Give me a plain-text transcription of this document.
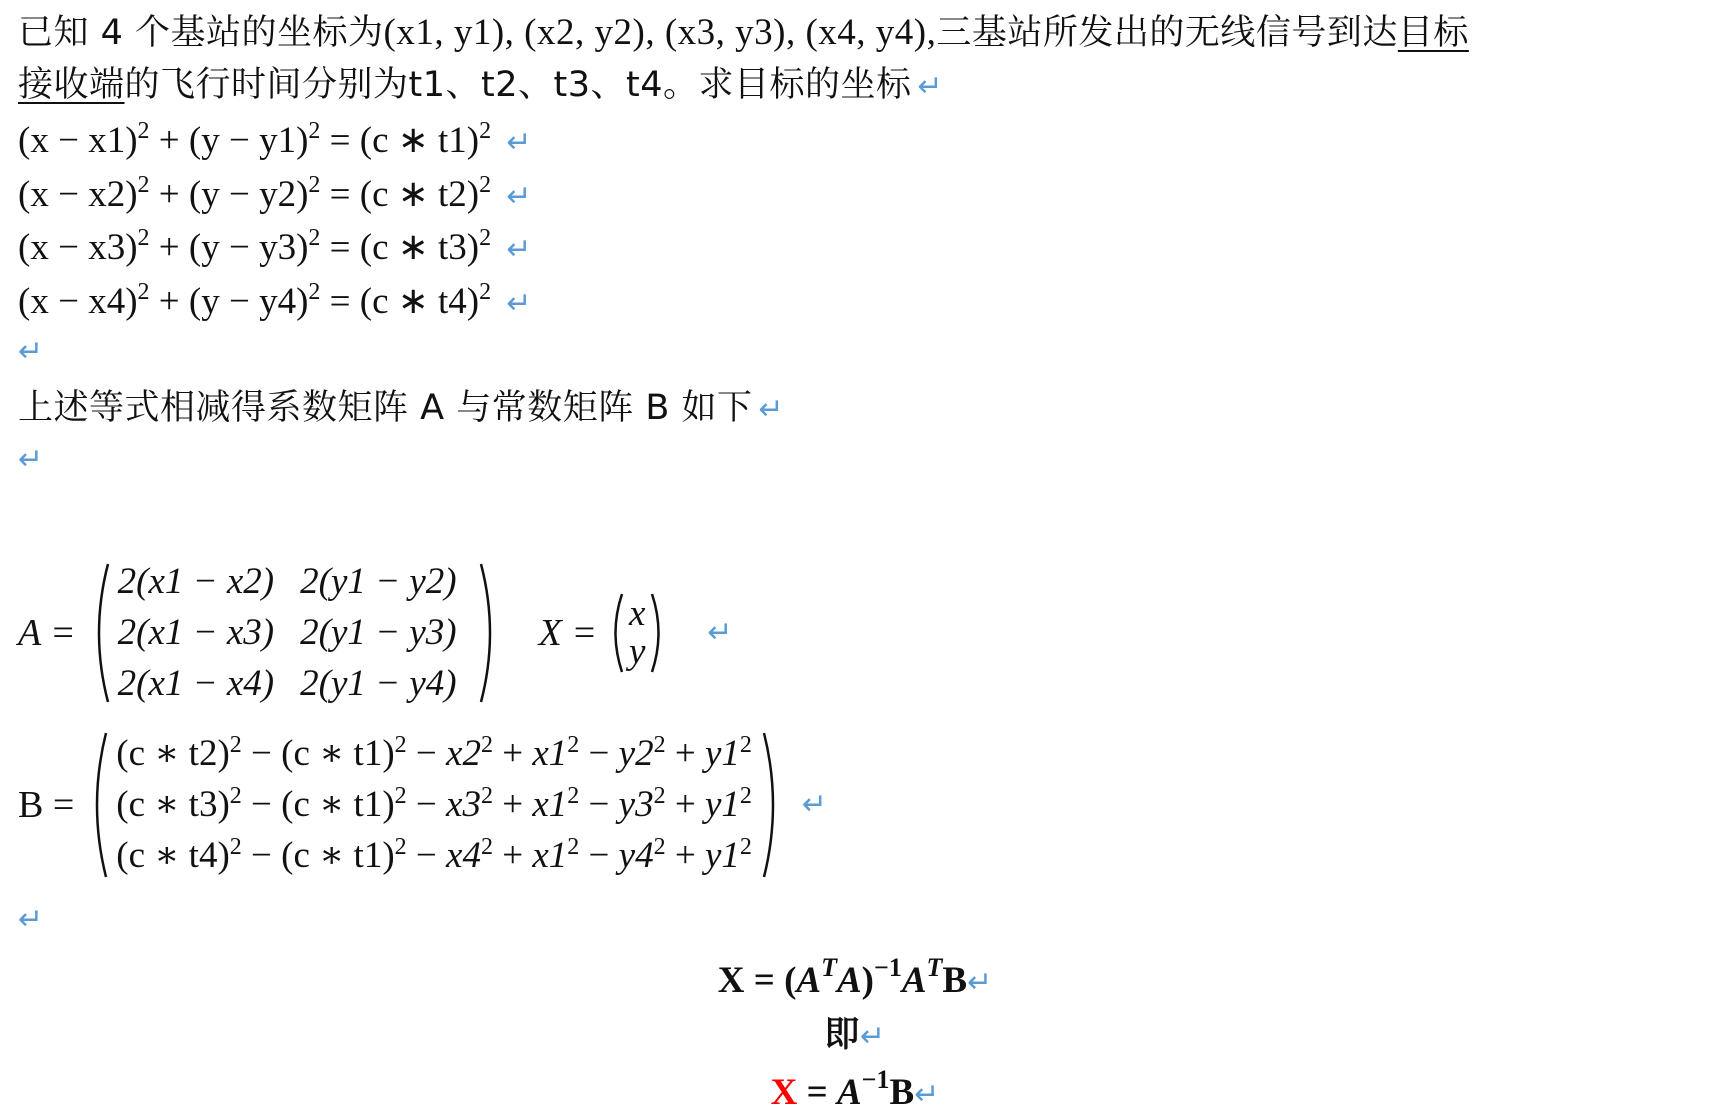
已知 4 个基站的坐标为(x1, y1), (x2, y2), (x3, y3), (x4, y4),三基站所发出的无线信号到达目标
接收端的飞行时间分别为t1、t2、t3、t4。求目标的坐标 ↵
$(x - x1)^2 + (y - y1)^2 = (c$ ∗ t1)$^2$ ↵
$(x - x2)^2 + (y - y2)^2 = (c$ ∗ t2)$^2$ ↵
$(x - x3)^2 + (y - y3)^2 = (c$ ∗ t3)$^2$ ↵
$(x - x4)^2 + (y - y4)^2 = (c$ ∗ t4)$^2$ ↵
↵
上述等式相减得系数矩阵 A 与常数矩阵 B 如下 ↵
↵
A =
2(x1 − x2)	2(y1 − y2)
2(x1 − x3)	2(y1 − y3)
2(x1 − x4)	2(y1 − y4)
X = x
y ↵
B =
(c ∗ t2)$^2$ − (c ∗ $t1)^2 - x2^2 + x1^2 - y2^2 + y1^2$
(c ∗ t3)$^2$ − (c ∗ $t1)^2 - x3^2 + x1^2 - y3^2 + y1^2$
(c ∗ t4)$^2$ − (c ∗ $t1)^2 - x4^2 + x1^2 - y4^2 + y1^2$
↵
↵
$X = (A^TA)^{-1}A^TB↵$
即↵
$X = A^{-1}B↵$
